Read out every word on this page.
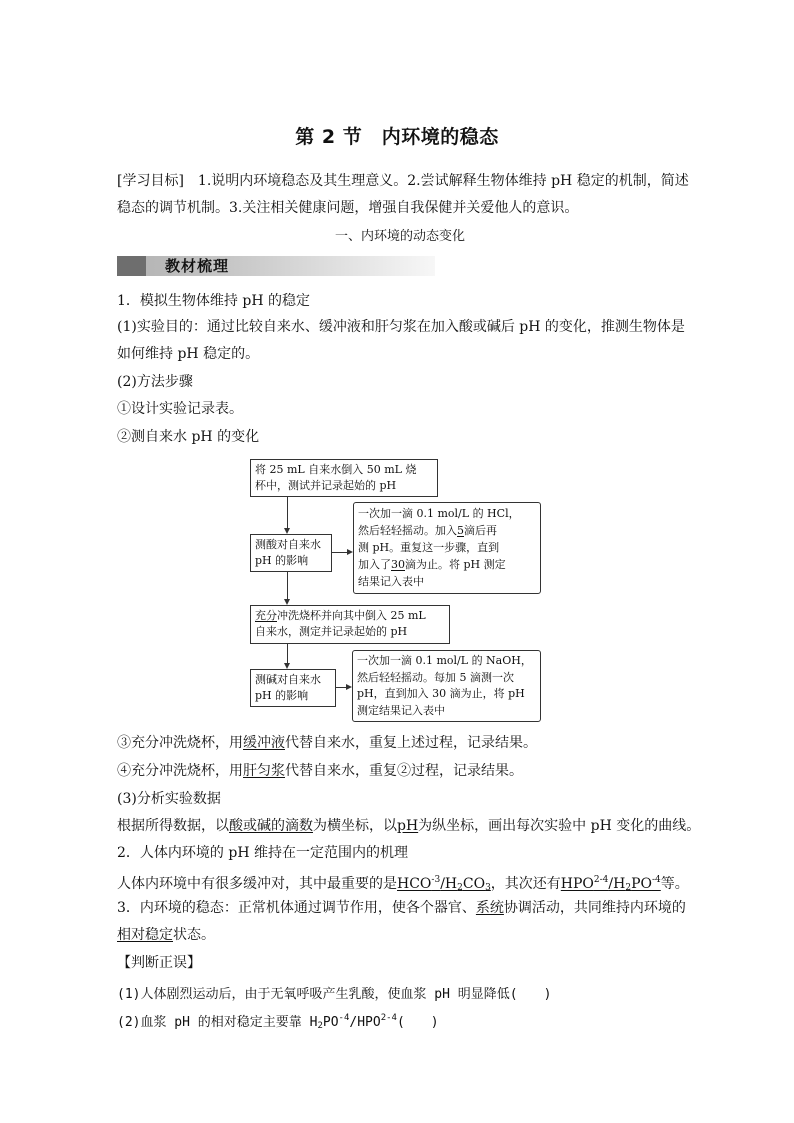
第 2 节　内环境的稳态
[学习目标]　1.说明内环境稳态及其生理意义。2.尝试解释生物体维持 pH 稳定的机制，简述
稳态的调节机制。3.关注相关健康问题，增强自我保健并关爱他人的意识。
一、内环境的动态变化
教材梳理
1．模拟生物体维持 pH 的稳定
(1)实验目的：通过比较自来水、缓冲液和肝匀浆在加入酸或碱后 pH 的变化，推测生物体是
如何维持 pH 稳定的。
(2)方法步骤
①设计实验记录表。
②测自来水 pH 的变化
将 25 mL 自来水倒入 50 mL 烧
杯中，测试并记录起始的 pH
测酸对自来水
pH 的影响
一次加一滴 0.1 mol/L 的 HCl，
然后轻轻摇动。加入5滴后再
测 pH。重复这一步骤，直到
加入了30滴为止。将 pH 测定
结果记入表中
充分冲洗烧杯并向其中倒入 25 mL
自来水，测定并记录起始的 pH
测碱对自来水
pH 的影响
一次加一滴 0.1 mol/L 的 NaOH，
然后轻轻摇动。每加 5 滴测一次
pH，直到加入 30 滴为止，将 pH
测定结果记入表中
③充分冲洗烧杯，用缓冲液代替自来水，重复上述过程，记录结果。
④充分冲洗烧杯，用肝匀浆代替自来水，重复②过程，记录结果。
(3)分析实验数据
根据所得数据，以酸或碱的滴数为横坐标，以pH为纵坐标，画出每次实验中 pH 变化的曲线。
2．人体内环境的 pH 维持在一定范围内的机理
人体内环境中有很多缓冲对，其中最重要的是$HCO^{-3}/H_2CO_3$，其次还有$HPO^{2-4}/H_2PO^{-4}$等。
3．内环境的稳态：正常机体通过调节作用，使各个器官、系统协调活动，共同维持内环境的
相对稳定状态。
【判断正误】
(1)人体剧烈运动后，由于无氧呼吸产生乳酸，使血浆 pH 明显降低(　　)
(2)血浆 pH 的相对稳定主要靠 $H_2PO^{-4}/HPO^{2-4}$(　　)
